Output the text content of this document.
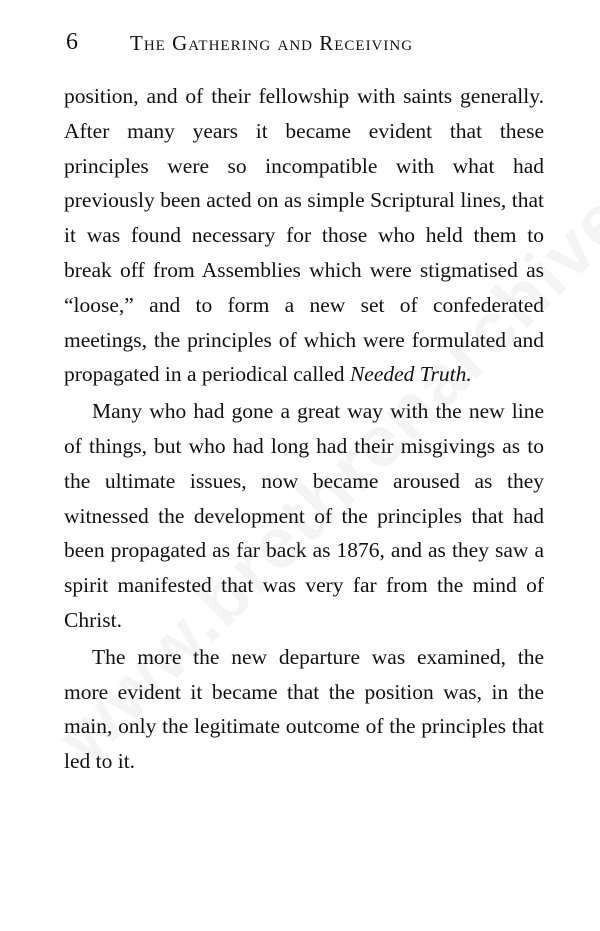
6 The Gathering and Receiving

position, and of their fellowship with saints generally. After many years it became evident that these principles were so incompatible with what had previously been acted on as simple Scriptural lines, that it was found necessary for those who held them to break off from Assemblies which were stigmatised as “loose,” and to form a new set of confederated meetings, the principles of which were formulated and propagated in a periodical called Needed Truth.

Many who had gone a great way with the new line of things, but who had long had their misgivings as to the ultimate issues, now became aroused as they witnessed the development of the principles that had been propagated as far back as 1876, and as they saw a spirit manifested that was very far from the mind of Christ.

The more the new departure was examined, the more evident it became that the position was, in the main, only the legitimate outcome of the principles that led to it.
